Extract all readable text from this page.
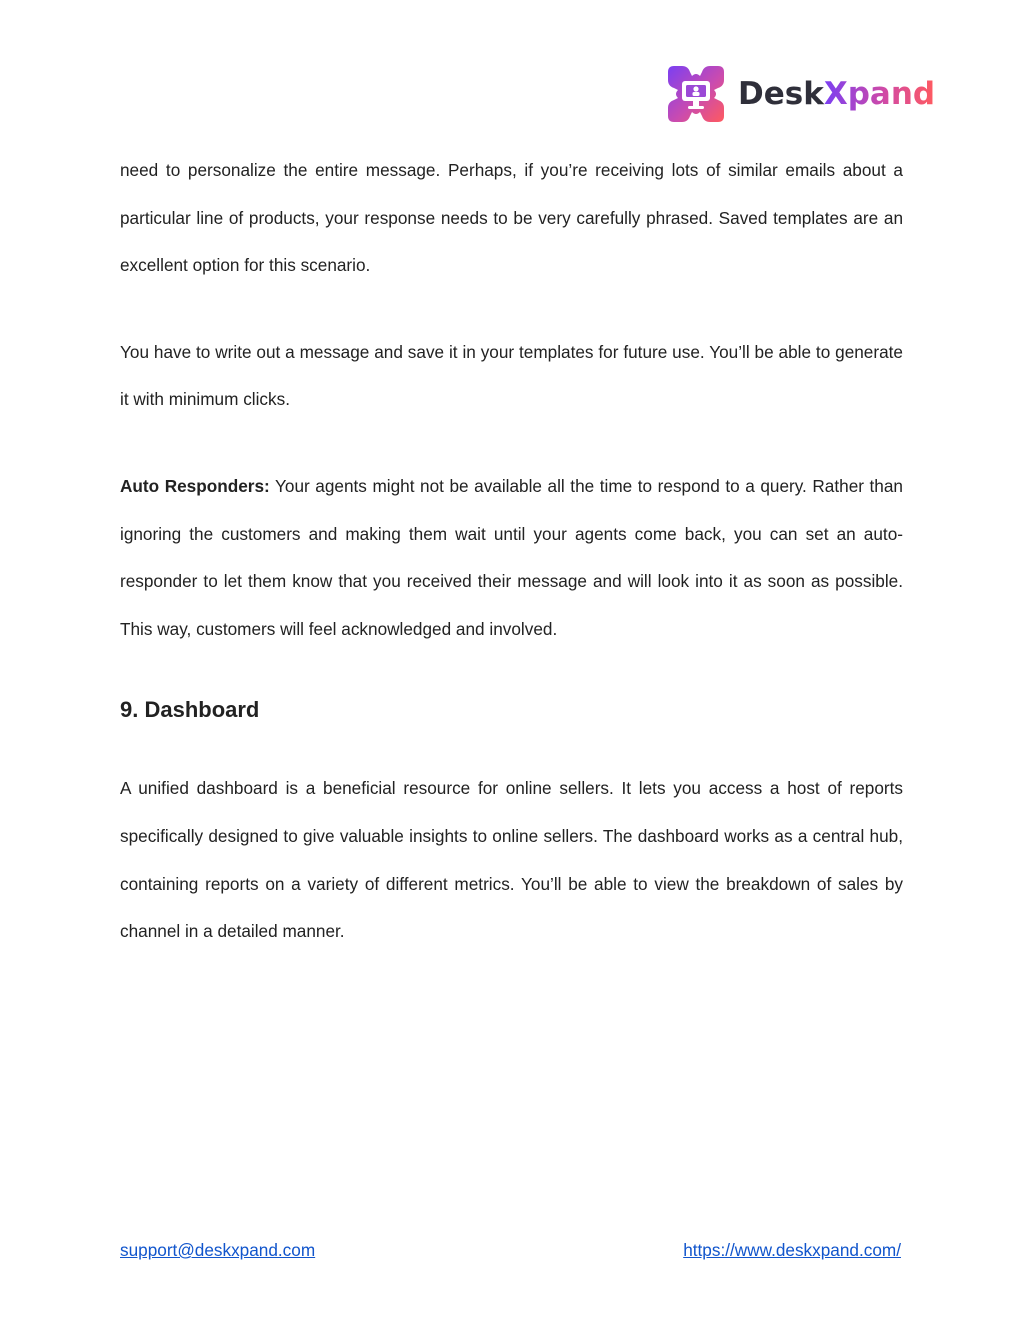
DeskXpand

need to personalize the entire message. Perhaps, if you’re receiving lots of similar emails about a particular line of products, your response needs to be very carefully phrased. Saved templates are an excellent option for this scenario.

You have to write out a message and save it in your templates for future use. You’ll be able to generate it with minimum clicks.

Auto Responders: Your agents might not be available all the time to respond to a query. Rather than ignoring the customers and making them wait until your agents come back, you can set an auto-responder to let them know that you received their message and will look into it as soon as possible. This way, customers will feel acknowledged and involved.

9. Dashboard

A unified dashboard is a beneficial resource for online sellers. It lets you access a host of reports specifically designed to give valuable insights to online sellers. The dashboard works as a central hub, containing reports on a variety of different metrics. You’ll be able to view the breakdown of sales by channel in a detailed manner.

support@deskxpand.com	https://www.deskxpand.com/
